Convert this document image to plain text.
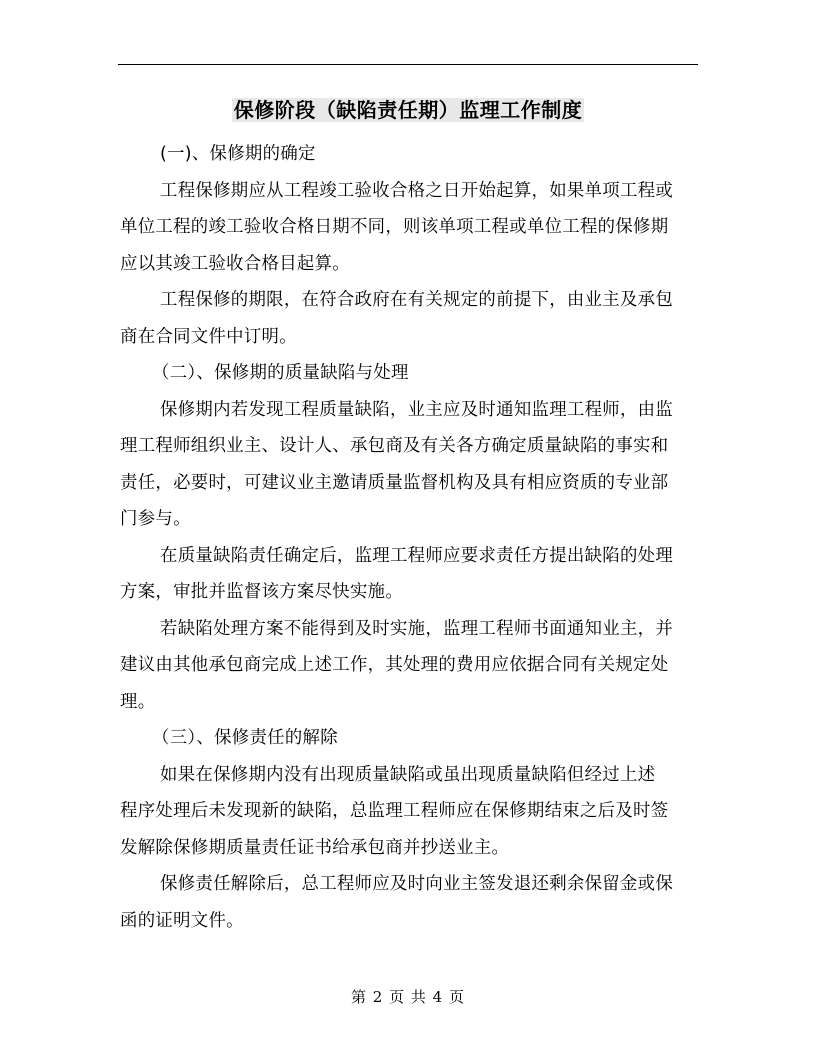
保修阶段（缺陷责任期）监理工作制度
(一)、保修期的确定
工程保修期应从工程竣工验收合格之日开始起算，如果单项工程或
单位工程的竣工验收合格日期不同，则该单项工程或单位工程的保修期
应以其竣工验收合格目起算。
工程保修的期限，在符合政府在有关规定的前提下，由业主及承包
商在合同文件中订明。
（二）、保修期的质量缺陷与处理
保修期内若发现工程质量缺陷，业主应及时通知监理工程师，由监
理工程师组织业主、设计人、承包商及有关各方确定质量缺陷的事实和
责任，必要时，可建议业主邀请质量监督机构及具有相应资质的专业部
门参与。
在质量缺陷责任确定后，监理工程师应要求责任方提出缺陷的处理
方案，审批并监督该方案尽快实施。
若缺陷处理方案不能得到及时实施，监理工程师书面通知业主，并
建议由其他承包商完成上述工作，其处理的费用应依据合同有关规定处
理。
（三）、保修责任的解除
如果在保修期内没有出现质量缺陷或虽出现质量缺陷但经过上述
程序处理后未发现新的缺陷，总监理工程师应在保修期结束之后及时签
发解除保修期质量责任证书给承包商并抄送业主。
保修责任解除后，总工程师应及时向业主签发退还剩余保留金或保
函的证明文件。
第 2 页 共 4 页
